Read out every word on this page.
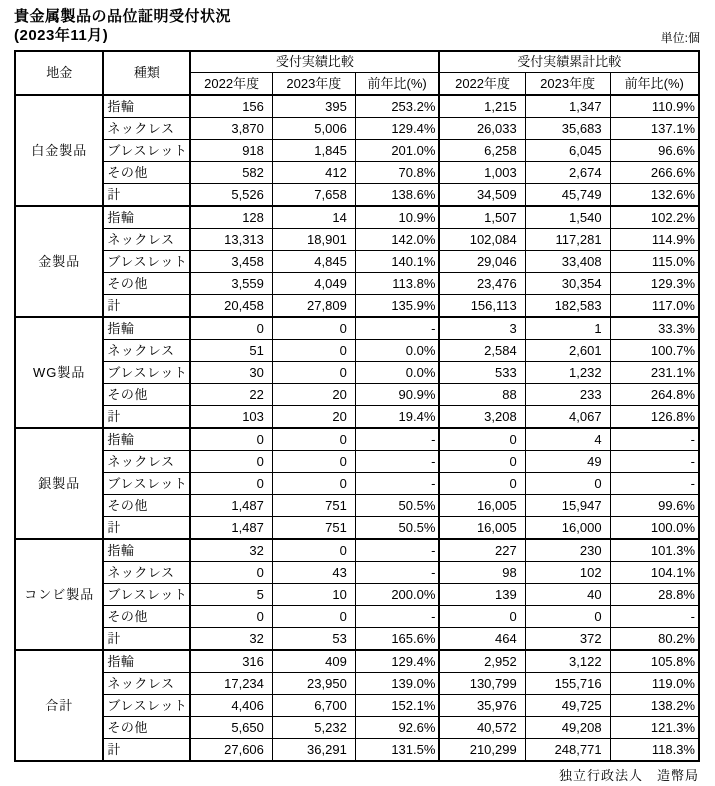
貴金属製品の品位証明受付状況
(2023年11月)	単位:個
地金	種類	受付実績比較			受付実績累計比較		
		2022年度	2023年度	前年比(%)	2022年度	2023年度	前年比(%)
白金製品	指輪	156	395	253.2%	1,215	1,347	110.9%
	ネックレス	3,870	5,006	129.4%	26,033	35,683	137.1%
	ブレスレット	918	1,845	201.0%	6,258	6,045	96.6%
	その他	582	412	70.8%	1,003	2,674	266.6%
	計	5,526	7,658	138.6%	34,509	45,749	132.6%
金製品	指輪	128	14	10.9%	1,507	1,540	102.2%
	ネックレス	13,313	18,901	142.0%	102,084	117,281	114.9%
	ブレスレット	3,458	4,845	140.1%	29,046	33,408	115.0%
	その他	3,559	4,049	113.8%	23,476	30,354	129.3%
	計	20,458	27,809	135.9%	156,113	182,583	117.0%
WG製品	指輪	0	0	-	3	1	33.3%
	ネックレス	51	0	0.0%	2,584	2,601	100.7%
	ブレスレット	30	0	0.0%	533	1,232	231.1%
	その他	22	20	90.9%	88	233	264.8%
	計	103	20	19.4%	3,208	4,067	126.8%
銀製品	指輪	0	0	-	0	4	-
	ネックレス	0	0	-	0	49	-
	ブレスレット	0	0	-	0	0	-
	その他	1,487	751	50.5%	16,005	15,947	99.6%
	計	1,487	751	50.5%	16,005	16,000	100.0%
コンビ製品	指輪	32	0	-	227	230	101.3%
	ネックレス	0	43	-	98	102	104.1%
	ブレスレット	5	10	200.0%	139	40	28.8%
	その他	0	0	-	0	0	-
	計	32	53	165.6%	464	372	80.2%
合計	指輪	316	409	129.4%	2,952	3,122	105.8%
	ネックレス	17,234	23,950	139.0%	130,799	155,716	119.0%
	ブレスレット	4,406	6,700	152.1%	35,976	49,725	138.2%
	その他	5,650	5,232	92.6%	40,572	49,208	121.3%
	計	27,606	36,291	131.5%	210,299	248,771	118.3%
独立行政法人　造幣局
